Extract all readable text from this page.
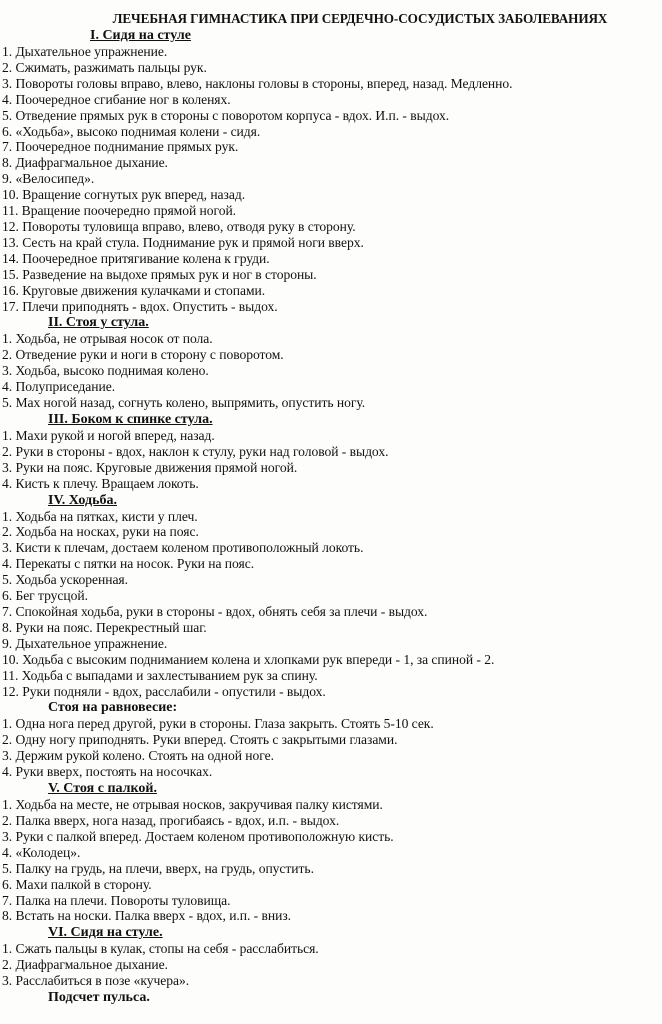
ЛЕЧЕБНАЯ ГИМНАСТИКА ПРИ СЕРДЕЧНО-СОСУДИСТЫХ ЗАБОЛЕВАНИЯХ
I. Сидя на стуле
1. Дыхательное упражнение.
2. Сжимать, разжимать пальцы рук.
3. Повороты головы вправо, влево, наклоны головы в стороны, вперед, назад. Медленно.
4. Поочередное сгибание ног в коленях.
5. Отведение прямых рук в стороны с поворотом корпуса - вдох. И.п. - выдох.
6. «Ходьба», высоко поднимая колени - сидя.
7. Поочередное поднимание прямых рук.
8. Диафрагмальное дыхание.
9. «Велосипед».
10. Вращение согнутых рук вперед, назад.
11. Вращение поочередно прямой ногой.
12. Повороты туловища вправо, влево, отводя руку в сторону.
13. Сесть на край стула. Поднимание рук и прямой ноги вверх.
14. Поочередное притягивание колена к груди.
15. Разведение на выдохе прямых рук и ног в стороны.
16. Круговые движения кулачками и стопами.
17. Плечи приподнять - вдох. Опустить - выдох.
II. Стоя у стула.
1. Ходьба, не отрывая носок от пола.
2. Отведение руки и ноги в сторону с поворотом.
3. Ходьба, высоко поднимая колено.
4. Полуприседание.
5. Мах ногой назад, согнуть колено, выпрямить, опустить ногу.
III. Боком к спинке стула.
1. Махи рукой и ногой вперед, назад.
2. Руки в стороны - вдох, наклон к стулу, руки над головой - выдох.
3. Руки на пояс. Круговые движения прямой ногой.
4. Кисть к плечу. Вращаем локоть.
IV. Ходьба.
1. Ходьба на пятках, кисти у плеч.
2. Ходьба на носках, руки на пояс.
3. Кисти к плечам, достаем коленом противоположный локоть.
4. Перекаты с пятки на носок. Руки на пояс.
5. Ходьба ускоренная.
6. Бег трусцой.
7. Спокойная ходьба, руки в стороны - вдох, обнять себя за плечи - выдох.
8. Руки на пояс. Перекрестный шаг.
9. Дыхательное упражнение.
10. Ходьба с высоким подниманием колена и хлопками рук впереди - 1, за спиной - 2.
11. Ходьба с выпадами и захлестыванием рук за спину.
12. Руки подняли - вдох, расслабили - опустили - выдох.
Стоя на равновесие:
1. Одна нога перед другой, руки в стороны. Глаза закрыть. Стоять 5-10 сек.
2. Одну ногу приподнять. Руки вперед. Стоять с закрытыми глазами.
3. Держим рукой колено. Стоять на одной ноге.
4. Руки вверх, постоять на носочках.
V. Стоя с палкой.
1. Ходьба на месте, не отрывая носков, закручивая палку кистями.
2. Палка вверх, нога назад, прогибаясь - вдох, и.п. - выдох.
3. Руки с палкой вперед. Достаем коленом противоположную кисть.
4. «Колодец».
5. Палку на грудь, на плечи, вверх, на грудь, опустить.
6. Махи палкой в сторону.
7. Палка на плечи. Повороты туловища.
8. Встать на носки. Палка вверх - вдох, и.п. - вниз.
VI. Сидя на стуле.
1. Сжать пальцы в кулак, стопы на себя - расслабиться.
2. Диафрагмальное дыхание.
3. Расслабиться в позе «кучера».
Подсчет пульса.
